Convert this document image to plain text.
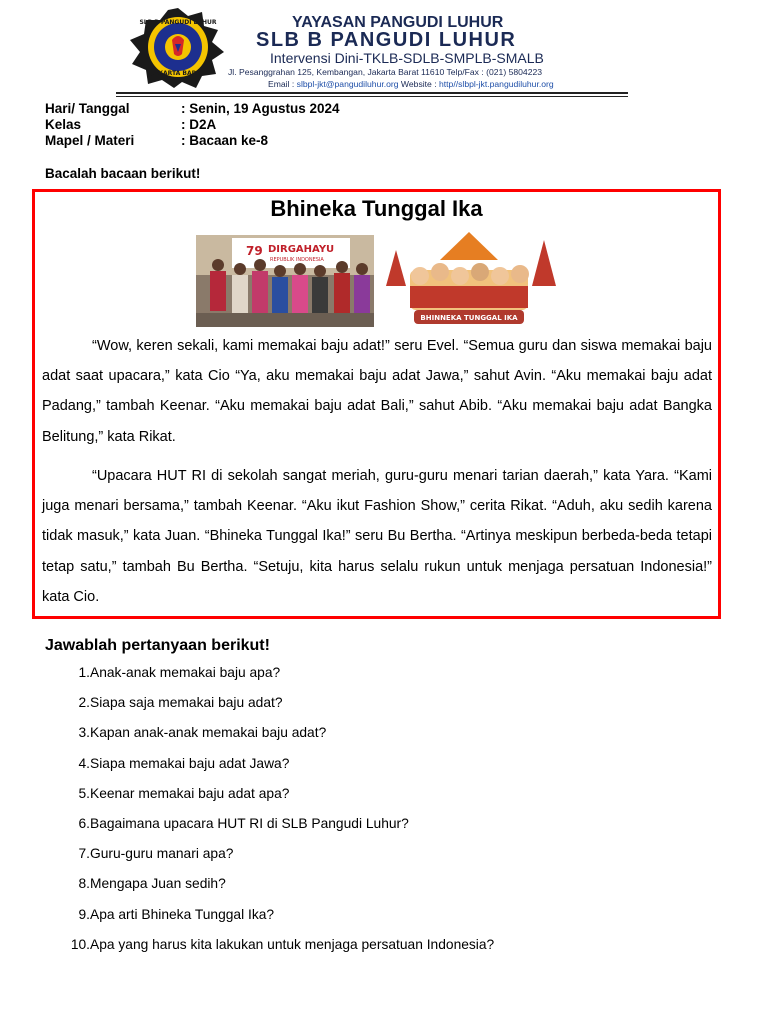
SLB B PANGUDI LUHUR
JAKARTA BARAT
YAYASAN PANGUDI LUHUR
SLB B PANGUDI LUHUR
Intervensi Dini-TKLB-SDLB-SMPLB-SMALB
Jl. Pesanggrahan 125, Kembangan, Jakarta Barat 11610 Telp/Fax : (021) 5804223
Email : slbpl-jkt@pangudiluhur.org Website : http//slbpl-jkt.pangudiluhur.org
Hari/ Tanggal	: Senin, 19 Agustus 2024
Kelas	: D2A
Mapel / Materi	: Bacaan ke-8
Bacalah bacaan berikut!
Bhineka Tunggal Ika
79 DIRGAHAYU
REPUBLIK INDONESIA
BHINNEKA TUNGGAL IKA

“Wow, keren sekali, kami memakai baju adat!” seru Evel. “Semua guru dan siswa memakai baju adat saat upacara,” kata Cio “Ya, aku memakai baju adat Jawa,” sahut Avin. “Aku memakai baju adat Padang,” tambah Keenar. “Aku memakai baju adat Bali,” sahut Abib. “Aku memakai baju adat Bangka Belitung,” kata Rikat.

“Upacara HUT RI di sekolah sangat meriah, guru-guru menari tarian daerah,” kata Yara. “Kami juga menari bersama,” tambah Keenar. “Aku ikut Fashion Show,” cerita Rikat. “Aduh, aku sedih karena tidak masuk,” kata Juan. “Bhineka Tunggal Ika!” seru Bu Bertha. “Artinya meskipun berbeda-beda tetapi tetap satu,” tambah Bu Bertha. “Setuju, kita harus selalu rukun untuk menjaga persatuan Indonesia!” kata Cio.

Jawablah pertanyaan berikut!
1. Anak-anak memakai baju apa?
2. Siapa saja memakai baju adat?
3. Kapan anak-anak memakai baju adat?
4. Siapa memakai baju adat Jawa?
5. Keenar memakai baju adat apa?
6. Bagaimana upacara HUT RI di SLB Pangudi Luhur?
7. Guru-guru manari apa?
8. Mengapa Juan sedih?
9. Apa arti Bhineka Tunggal Ika?
10. Apa yang harus kita lakukan untuk menjaga persatuan Indonesia?
